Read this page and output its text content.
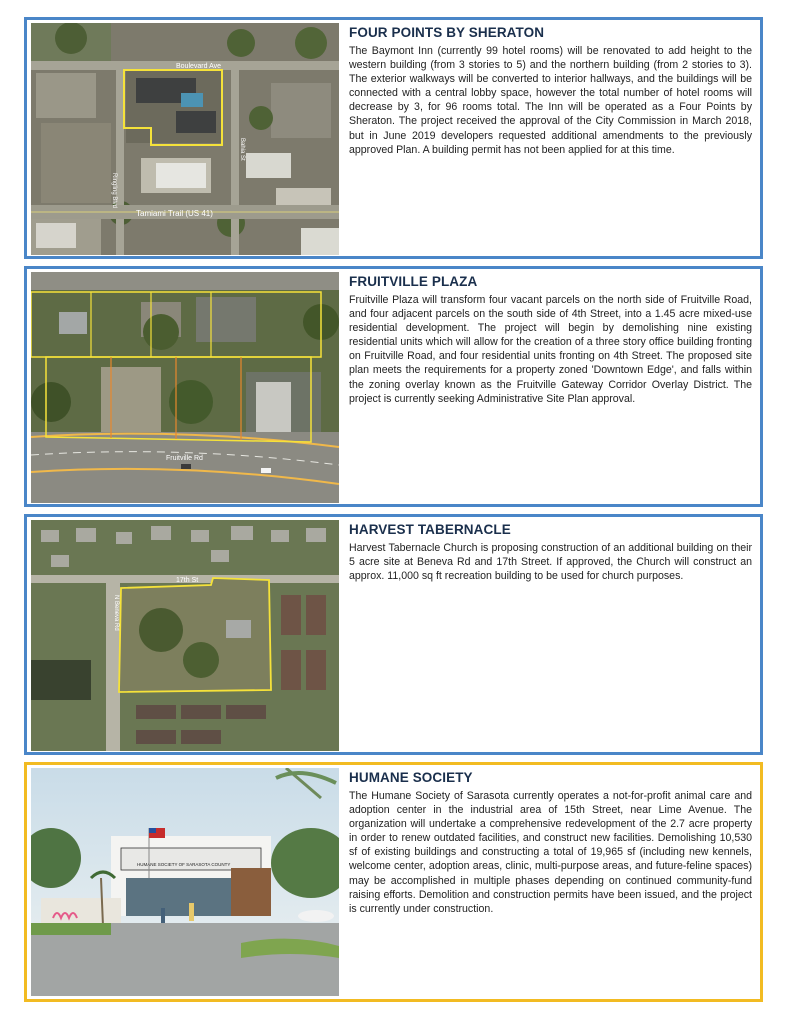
Boulevard Ave
Ringling Blvd
Bahia St
Tamiami Trail (US 41)
FOUR POINTS BY SHERATON

The Baymont Inn (currently 99 hotel rooms) will be renovated to add height to the western building (from 3 stories to 5) and the northern building (from 2 stories to 3). The exterior walkways will be converted to interior hallways, and the buildings will be connected with a central lobby space, however the total number of hotel rooms will decrease by 3, for 96 rooms total. The Inn will be operated as a Four Points by Sheraton. The project received the approval of the City Commission in March 2018, but in June 2019 developers requested additional amendments to the previously approved Plan. A building permit has not been applied for at this time.

Fruitville Rd
FRUITVILLE PLAZA

Fruitville Plaza will transform four vacant parcels on the north side of Fruitville Road, and four adjacent parcels on the south side of 4th Street, into a 1.45 acre mixed-use residential development. The project will begin by demolishing nine existing residential units which will allow for the creation of a three story office building fronting on Fruitville Road, and four residential units fronting on 4th Street. The proposed site plan meets the requirements for a property zoned 'Downtown Edge', and falls within the zoning overlay known as the Fruitville Gateway Corridor Overlay District. The project is currently seeking Administrative Site Plan approval.

17th St
N Beneva Rd
HARVEST TABERNACLE

Harvest Tabernacle Church is proposing construction of an additional building on their 5 acre site at Beneva Rd and 17th Street. If approved, the Church will construct an approx. 11,000 sq ft recreation building to be used for church purposes.

HUMANE SOCIETY OF SARASOTA COUNTY
HUMANE SOCIETY

The Humane Society of Sarasota currently operates a not-for-profit animal care and adoption center in the industrial area of 15th Street, near Lime Avenue. The organization will undertake a comprehensive redevelopment of the 2.7 acre property in order to renew outdated facilities, and construct new facilities. Demolishing 10,530 sf of existing buildings and constructing a total of 19,965 sf (including new kennels, welcome center, adoption areas, clinic, multi-purpose areas, and future-feline spaces) may be accomplished in multiple phases depending on continued community-fund raising efforts. Demolition and construction permits have been issued, and the project is currently under construction.
